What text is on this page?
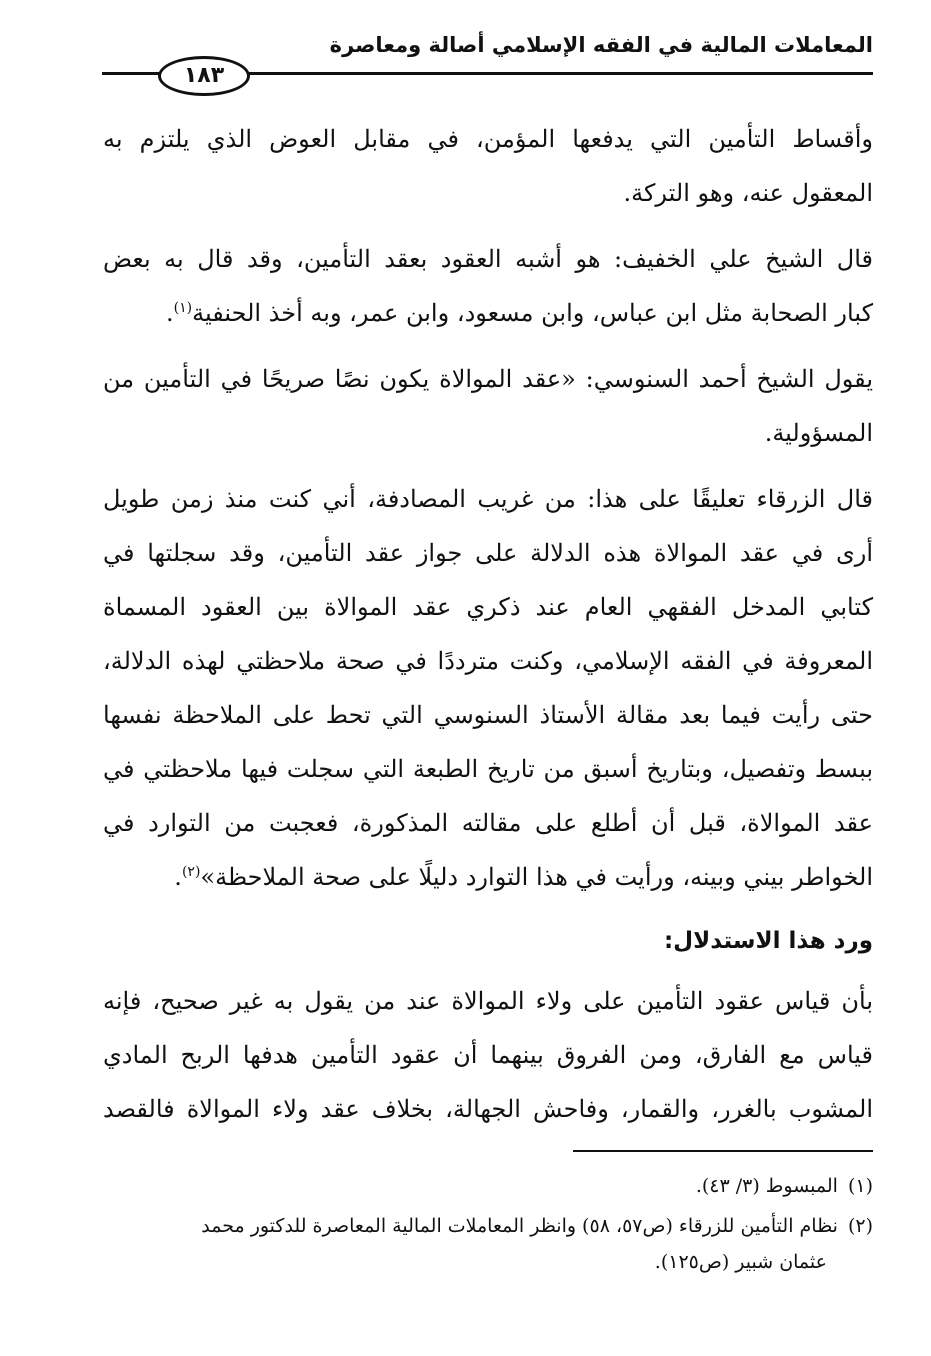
المعاملات المالية في الفقه الإسلامي أصالة ومعاصرة
١٨٣

وأقساط التأمين التي يدفعها المؤمن، في مقابل العوض الذي يلتزم به
المعقول عنه، وهو التركة.

قال الشيخ علي الخفيف: هو أشبه العقود بعقد التأمين، وقد قال به بعض
كبار الصحابة مثل ابن عباس، وابن مسعود، وابن عمر، وبه أخذ الحنفية$^{(١)}$.

يقول الشيخ أحمد السنوسي: «عقد الموالاة يكون نصًا صريحًا في التأمين من
المسؤولية.

قال الزرقاء تعليقًا على هذا: من غريب المصادفة، أني كنت منذ زمن طويل
أرى في عقد الموالاة هذه الدلالة على جواز عقد التأمين، وقد سجلتها في
كتابي المدخل الفقهي العام عند ذكري عقد الموالاة بين العقود المسماة
المعروفة في الفقه الإسلامي، وكنت مترددًا في صحة ملاحظتي لهذه الدلالة،
حتى رأيت فيما بعد مقالة الأستاذ السنوسي التي تحط على الملاحظة نفسها
ببسط وتفصيل، وبتاريخ أسبق من تاريخ الطبعة التي سجلت فيها ملاحظتي في
عقد الموالاة، قبل أن أطلع على مقالته المذكورة، فعجبت من التوارد في
الخواطر بيني وبينه، ورأيت في هذا التوارد دليلًا على صحة الملاحظة»$^{(٢)}$.

ورد هذا الاستدلال:

بأن قياس عقود التأمين على ولاء الموالاة عند من يقول به غير صحيح، فإنه
قياس مع الفارق، ومن الفروق بينهما أن عقود التأمين هدفها الربح المادي
المشوب بالغرر، والقمار، وفاحش الجهالة، بخلاف عقد ولاء الموالاة فالقصد

(١)المبسوط (٣/ ٤٣).
(٢)نظام التأمين للزرقاء (ص٥٧، ٥٨) وانظر المعاملات المالية المعاصرة للدكتور محمد
عثمان شبير (ص١٢٥).
